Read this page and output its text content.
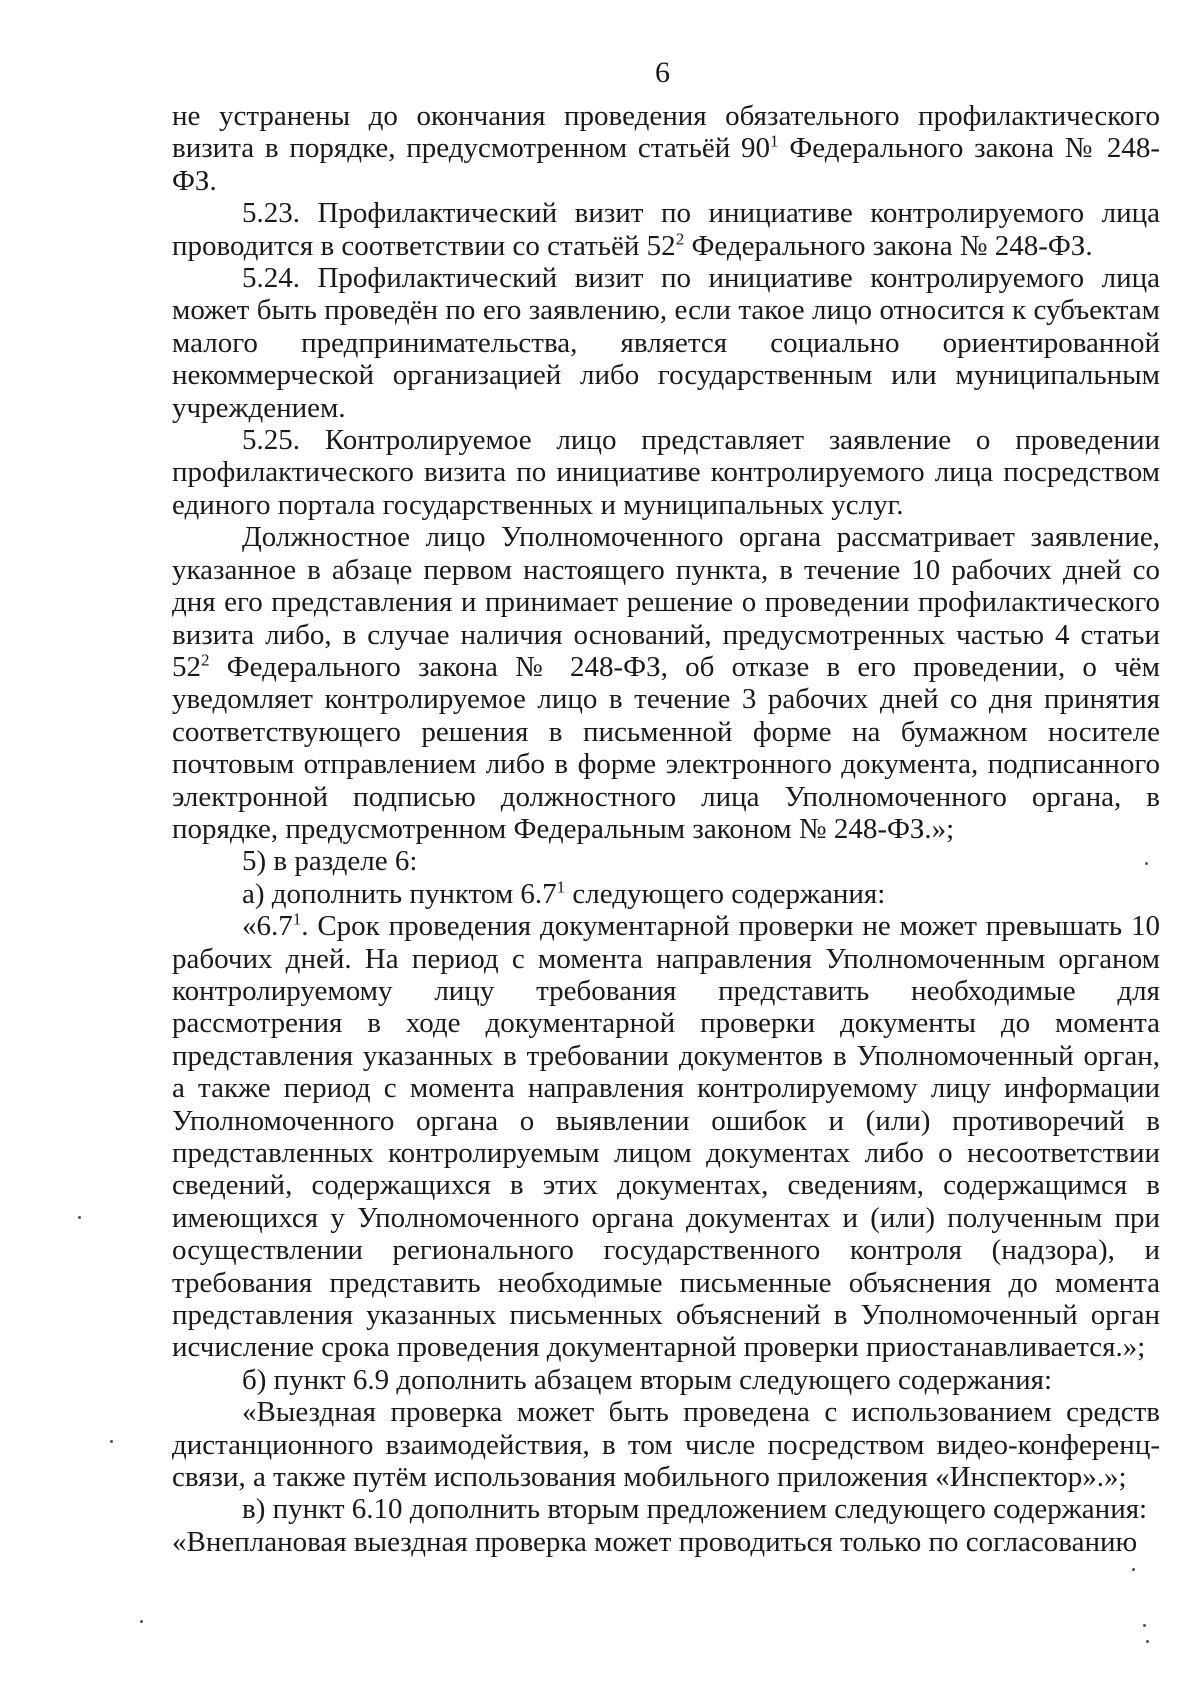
6

не устранены до окончания проведения обязательного профилактического визита в порядке, предусмотренном статьёй $90^1$ Федерального закона № 248-ФЗ.

5.23. Профилактический визит по инициативе контролируемого лица проводится в соответствии со статьёй $52^2$ Федерального закона № 248-ФЗ.

5.24. Профилактический визит по инициативе контролируемого лица может быть проведён по его заявлению, если такое лицо относится к субъектам малого предпринимательства, является социально ориентированной некоммерческой организацией либо государственным или муниципальным учреждением.

5.25. Контролируемое лицо представляет заявление о проведении профилактического визита по инициативе контролируемого лица посредством единого портала государственных и муниципальных услуг.

Должностное лицо Уполномоченного органа рассматривает заявление, указанное в абзаце первом настоящего пункта, в течение 10 рабочих дней со дня его представления и принимает решение о проведении профилактического визита либо, в случае наличия оснований, предусмотренных частью 4 статьи $52^2$ Федерального закона № 248-ФЗ, об отказе в его проведении, о чём уведомляет контролируемое лицо в течение 3 рабочих дней со дня принятия соответствующего решения в письменной форме на бумажном носителе почтовым отправлением либо в форме электронного документа, подписанного электронной подписью должностного лица Уполномоченного органа, в порядке, предусмотренном Федеральным законом № 248-ФЗ.»;

5) в разделе 6:

а) дополнить пунктом $6.7^1$ следующего содержания:

«$6.7^1$. Срок проведения документарной проверки не может превышать 10 рабочих дней. На период с момента направления Уполномоченным органом контролируемому лицу требования представить необходимые для рассмотрения в ходе документарной проверки документы до момента представления указанных в требовании документов в Уполномоченный орган, а также период с момента направления контролируемому лицу информации Уполномоченного органа о выявлении ошибок и (или) противоречий в представленных контролируемым лицом документах либо о несоответствии сведений, содержащихся в этих документах, сведениям, содержащимся в имеющихся у Уполномоченного органа документах и (или) полученным при осуществлении регионального государственного контроля (надзора), и требования представить необходимые письменные объяснения до момента представления указанных письменных объяснений в Уполномоченный орган исчисление срока проведения документарной проверки приостанавливается.»;

б) пункт 6.9 дополнить абзацем вторым следующего содержания:

«Выездная проверка может быть проведена с использованием средств дистанционного взаимодействия, в том числе посредством видео-конференц-связи, а также путём использования мобильного приложения «Инспектор».»;

в) пункт 6.10 дополнить вторым предложением следующего содержания:

«Внеплановая выездная проверка может проводиться только по согласованию
